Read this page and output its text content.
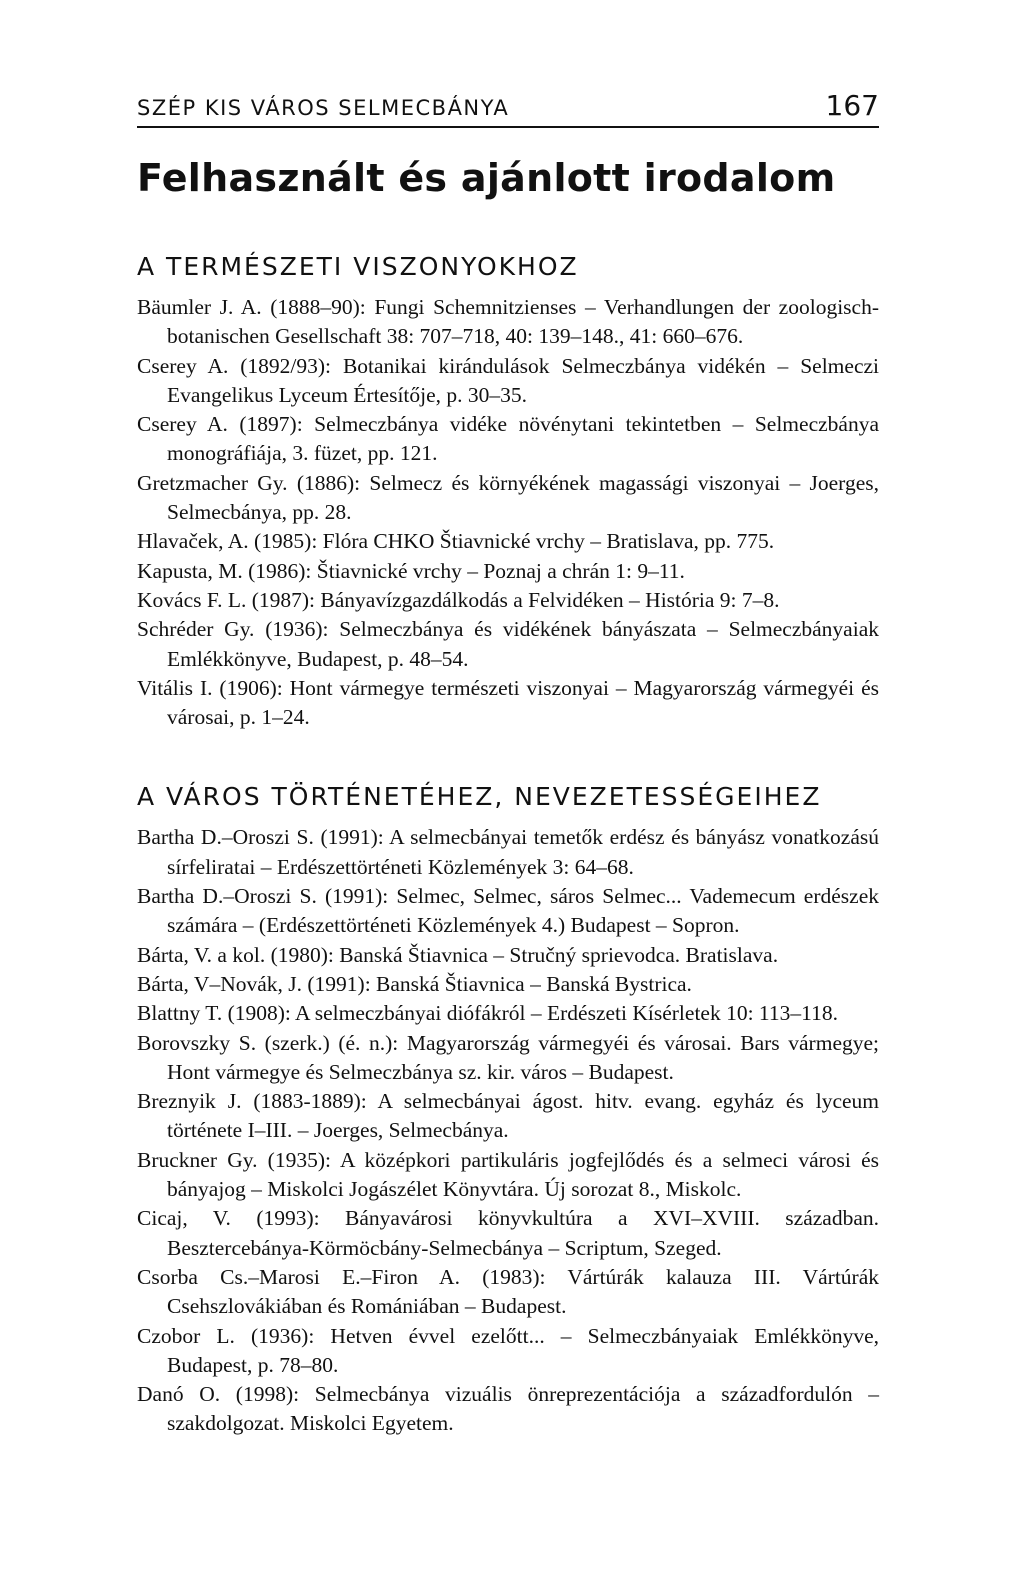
SZÉP KIS VÁROS SELMECBÁNYA	167
Felhasznált és ajánlott irodalom
A TERMÉSZETI VISZONYOKHOZ
Bäumler J. A. (1888–90): Fungi Schemnitzienses – Verhandlungen der zoologisch-botanischen Gesellschaft 38: 707–718, 40: 139–148., 41: 660–676.
Cserey A. (1892/93): Botanikai kirándulások Selmeczbánya vidékén – Selmeczi Evangelikus Lyceum Értesítője, p. 30–35.
Cserey A. (1897): Selmeczbánya vidéke növénytani tekintetben – Selmeczbánya monográfiája, 3. füzet, pp. 121.
Gretzmacher Gy. (1886): Selmecz és környékének magassági viszonyai – Joerges, Selmecbánya, pp. 28.
Hlavaček, A. (1985): Flóra CHKO Štiavnické vrchy – Bratislava, pp. 775.
Kapusta, M. (1986): Štiavnické vrchy – Poznaj a chrán 1: 9–11.
Kovács F. L. (1987): Bányavízgazdálkodás a Felvidéken – História 9: 7–8.
Schréder Gy. (1936): Selmeczbánya és vidékének bányászata – Selmeczbányaiak Emlékkönyve, Budapest, p. 48–54.
Vitális I. (1906): Hont vármegye természeti viszonyai – Magyarország vármegyéi és városai, p. 1–24.
A VÁROS TÖRTÉNETÉHEZ, NEVEZETESSÉGEIHEZ
Bartha D.–Oroszi S. (1991): A selmecbányai temetők erdész és bányász vonatkozású sírfeliratai – Erdészettörténeti Közlemények 3: 64–68.
Bartha D.–Oroszi S. (1991): Selmec, Selmec, sáros Selmec... Vademecum erdészek számára – (Erdészettörténeti Közlemények 4.) Budapest – Sopron.
Bárta, V. a kol. (1980): Banská Štiavnica – Stručný sprievodca. Bratislava.
Bárta, V–Novák, J. (1991): Banská Štiavnica – Banská Bystrica.
Blattny T. (1908): A selmeczbányai diófákról – Erdészeti Kísérletek 10: 113–118.
Borovszky S. (szerk.) (é. n.): Magyarország vármegyéi és városai. Bars vármegye; Hont vármegye és Selmeczbánya sz. kir. város – Budapest.
Breznyik J. (1883-1889): A selmecbányai ágost. hitv. evang. egyház és lyceum története I–III. – Joerges, Selmecbánya.
Bruckner Gy. (1935): A középkori partikuláris jogfejlődés és a selmeci városi és bányajog – Miskolci Jogászélet Könyvtára. Új sorozat 8., Miskolc.
Cicaj, V. (1993): Bányavárosi könyvkultúra a XVI–XVIII. században. Besztercebánya-Körmöcbány-Selmecbánya – Scriptum, Szeged.
Csorba Cs.–Marosi E.–Firon A. (1983): Vártúrák kalauza III. Vártúrák Csehszlovákiában és Romániában – Budapest.
Czobor L. (1936): Hetven évvel ezelőtt... – Selmeczbányaiak Emlékkönyve, Budapest, p. 78–80.
Danó O. (1998): Selmecbánya vizuális önreprezentációja a századfordulón – szakdolgozat. Miskolci Egyetem.
